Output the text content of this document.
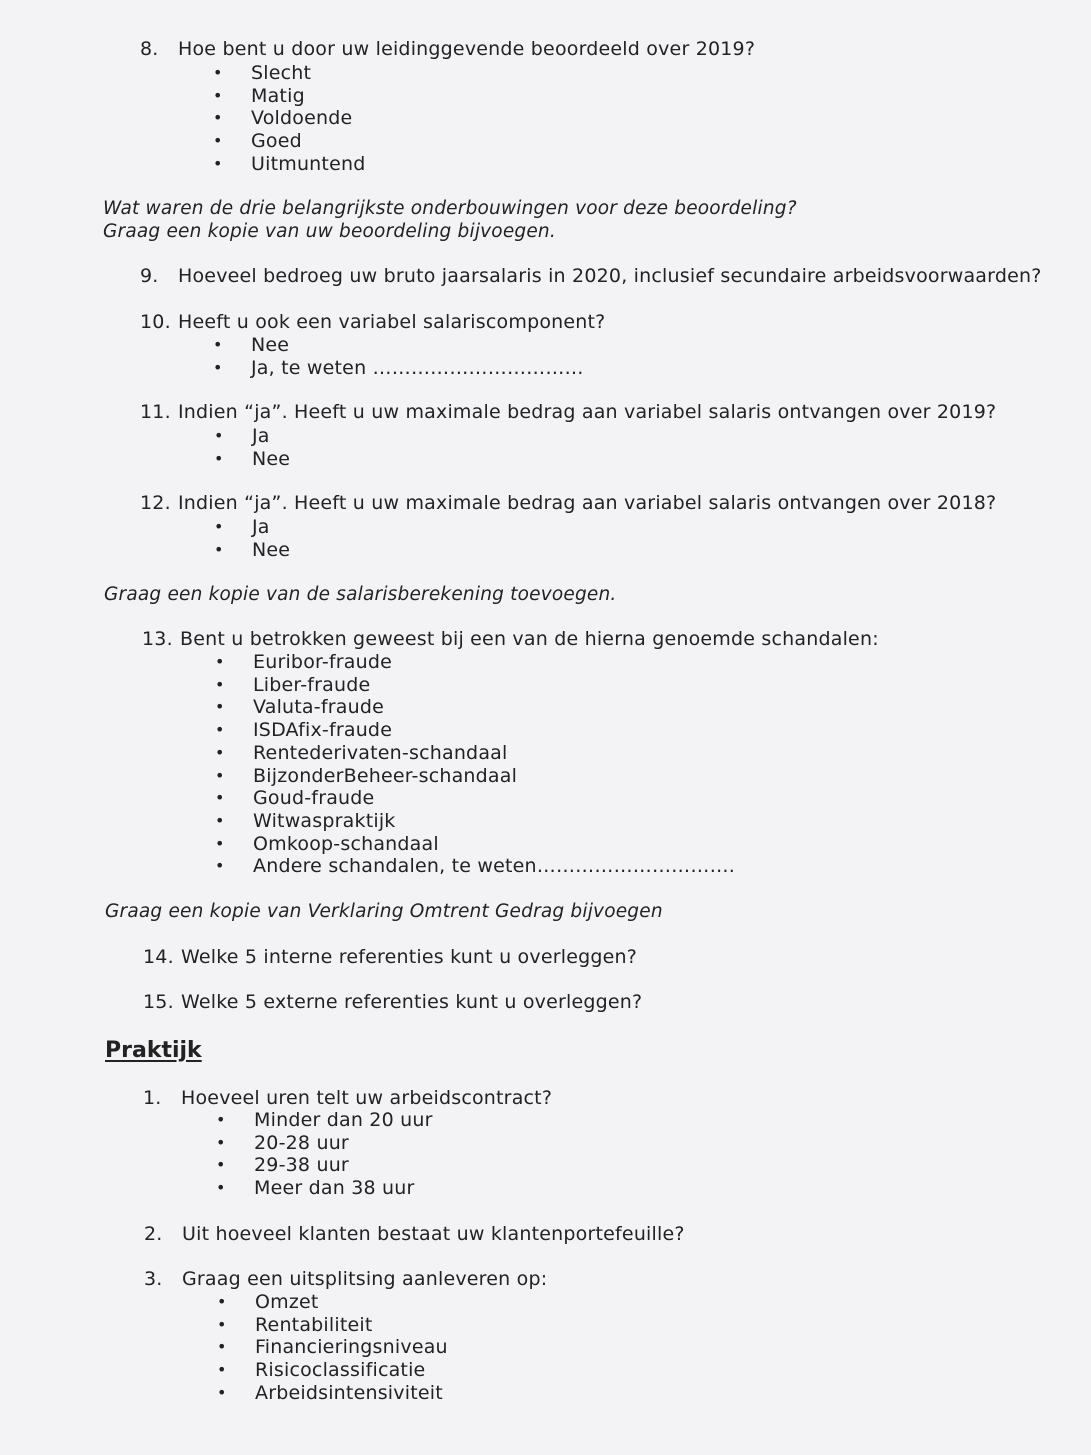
8. Hoe bent u door uw leidinggevende beoordeeld over 2019?
• Slecht
• Matig
• Voldoende
• Goed
• Uitmuntend
Wat waren de drie belangrijkste onderbouwingen voor deze beoordeling?
Graag een kopie van uw beoordeling bijvoegen.
9. Hoeveel bedroeg uw bruto jaarsalaris in 2020, inclusief secundaire arbeidsvoorwaarden?
10. Heeft u ook een variabel salariscomponent?
• Nee
• Ja, te weten ……………………………
11. Indien “ja”. Heeft u uw maximale bedrag aan variabel salaris ontvangen over 2019?
• Ja
• Nee
12. Indien “ja”. Heeft u uw maximale bedrag aan variabel salaris ontvangen over 2018?
• Ja
• Nee
Graag een kopie van de salarisberekening toevoegen.
13. Bent u betrokken geweest bij een van de hierna genoemde schandalen:
• Euribor-fraude
• Liber-fraude
• Valuta-fraude
• ISDAfix-fraude
• Rentederivaten-schandaal
• BijzonderBeheer-schandaal
• Goud-fraude
• Witwaspraktijk
• Omkoop-schandaal
• Andere schandalen, te weten………………………….
Graag een kopie van Verklaring Omtrent Gedrag bijvoegen
14. Welke 5 interne referenties kunt u overleggen?
15. Welke 5 externe referenties kunt u overleggen?
Praktijk
1. Hoeveel uren telt uw arbeidscontract?
• Minder dan 20 uur
• 20-28 uur
• 29-38 uur
• Meer dan 38 uur
2. Uit hoeveel klanten bestaat uw klantenportefeuille?
3. Graag een uitsplitsing aanleveren op:
• Omzet
• Rentabiliteit
• Financieringsniveau
• Risicoclassificatie
• Arbeidsintensiviteit
